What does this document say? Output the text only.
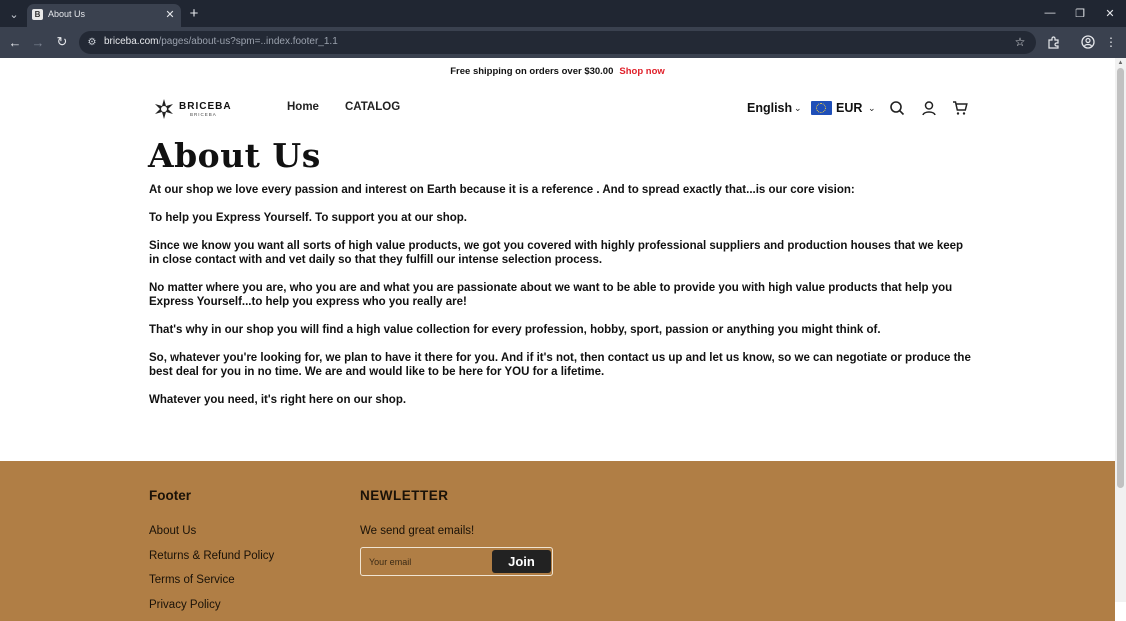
⌄	B About Us	✕ +	— ❐	✕
← → ↻	⚙ briceba.com/pages/about-us?spm=..index.footer_1.1	☆	⋮
Free shipping on orders over $30.00 Shop now
BRICEBA
BRICEBA
Home CATALOG	English ⌄	EUR ⌄
About Us

At our shop we love every passion and interest on Earth because it is a reference . And to spread exactly that...is our core vision:

To help you Express Yourself. To support you at our shop.

Since we know you want all sorts of high value products, we got you covered with highly professional suppliers and production houses that we keep in close contact with and vet daily so that they fulfill our intense selection process.

No matter where you are, who you are and what you are passionate about we want to be able to provide you with high value products that help you Express Yourself...to help you express who you really are!

That's why in our shop you will find a high value collection for every profession, hobby, sport, passion or anything you might think of.

So, whatever you're looking for, we plan to have it there for you. And if it's not, then contact us up and let us know, so we can negotiate or produce the best deal for you in no time. We are and would like to be here for YOU for a lifetime.

Whatever you need, it's right here on our shop.

Footer
About Us
Returns & Refund Policy
Terms of Service
Privacy Policy
NEWLETTER
We send great emails!
Your email
Join
▲
